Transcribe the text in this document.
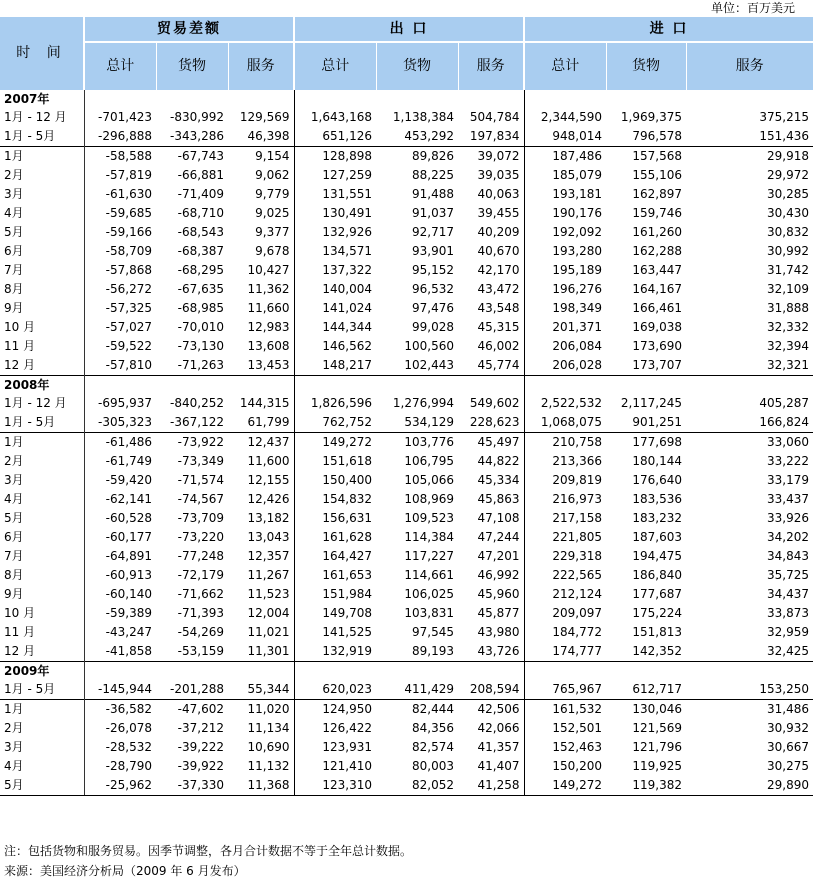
单位：百万美元
时 间	贸易差额			出 口			进 口		
	总计	货物	服务	总计	货物	服务	总计	货物	服务
2007年									
1月 - 12 月	-701,423	-830,992	129,569	1,643,168	1,138,384	504,784	2,344,590	1,969,375	375,215
1月 - 5月	-296,888	-343,286	46,398	651,126	453,292	197,834	948,014	796,578	151,436
1月	-58,588	-67,743	9,154	128,898	89,826	39,072	187,486	157,568	29,918
2月	-57,819	-66,881	9,062	127,259	88,225	39,035	185,079	155,106	29,972
3月	-61,630	-71,409	9,779	131,551	91,488	40,063	193,181	162,897	30,285
4月	-59,685	-68,710	9,025	130,491	91,037	39,455	190,176	159,746	30,430
5月	-59,166	-68,543	9,377	132,926	92,717	40,209	192,092	161,260	30,832
6月	-58,709	-68,387	9,678	134,571	93,901	40,670	193,280	162,288	30,992
7月	-57,868	-68,295	10,427	137,322	95,152	42,170	195,189	163,447	31,742
8月	-56,272	-67,635	11,362	140,004	96,532	43,472	196,276	164,167	32,109
9月	-57,325	-68,985	11,660	141,024	97,476	43,548	198,349	166,461	31,888
10 月	-57,027	-70,010	12,983	144,344	99,028	45,315	201,371	169,038	32,332
11 月	-59,522	-73,130	13,608	146,562	100,560	46,002	206,084	173,690	32,394
12 月	-57,810	-71,263	13,453	148,217	102,443	45,774	206,028	173,707	32,321
2008年									
1月 - 12 月	-695,937	-840,252	144,315	1,826,596	1,276,994	549,602	2,522,532	2,117,245	405,287
1月 - 5月	-305,323	-367,122	61,799	762,752	534,129	228,623	1,068,075	901,251	166,824
1月	-61,486	-73,922	12,437	149,272	103,776	45,497	210,758	177,698	33,060
2月	-61,749	-73,349	11,600	151,618	106,795	44,822	213,366	180,144	33,222
3月	-59,420	-71,574	12,155	150,400	105,066	45,334	209,819	176,640	33,179
4月	-62,141	-74,567	12,426	154,832	108,969	45,863	216,973	183,536	33,437
5月	-60,528	-73,709	13,182	156,631	109,523	47,108	217,158	183,232	33,926
6月	-60,177	-73,220	13,043	161,628	114,384	47,244	221,805	187,603	34,202
7月	-64,891	-77,248	12,357	164,427	117,227	47,201	229,318	194,475	34,843
8月	-60,913	-72,179	11,267	161,653	114,661	46,992	222,565	186,840	35,725
9月	-60,140	-71,662	11,523	151,984	106,025	45,960	212,124	177,687	34,437
10 月	-59,389	-71,393	12,004	149,708	103,831	45,877	209,097	175,224	33,873
11 月	-43,247	-54,269	11,021	141,525	97,545	43,980	184,772	151,813	32,959
12 月	-41,858	-53,159	11,301	132,919	89,193	43,726	174,777	142,352	32,425
2009年									
1月 - 5月	-145,944	-201,288	55,344	620,023	411,429	208,594	765,967	612,717	153,250
1月	-36,582	-47,602	11,020	124,950	82,444	42,506	161,532	130,046	31,486
2月	-26,078	-37,212	11,134	126,422	84,356	42,066	152,501	121,569	30,932
3月	-28,532	-39,222	10,690	123,931	82,574	41,357	152,463	121,796	30,667
4月	-28,790	-39,922	11,132	121,410	80,003	41,407	150,200	119,925	30,275
5月	-25,962	-37,330	11,368	123,310	82,052	41,258	149,272	119,382	29,890
注：包括货物和服务贸易。因季节调整，各月合计数据不等于全年总计数据。
来源：美国经济分析局（2009 年 6 月发布）
